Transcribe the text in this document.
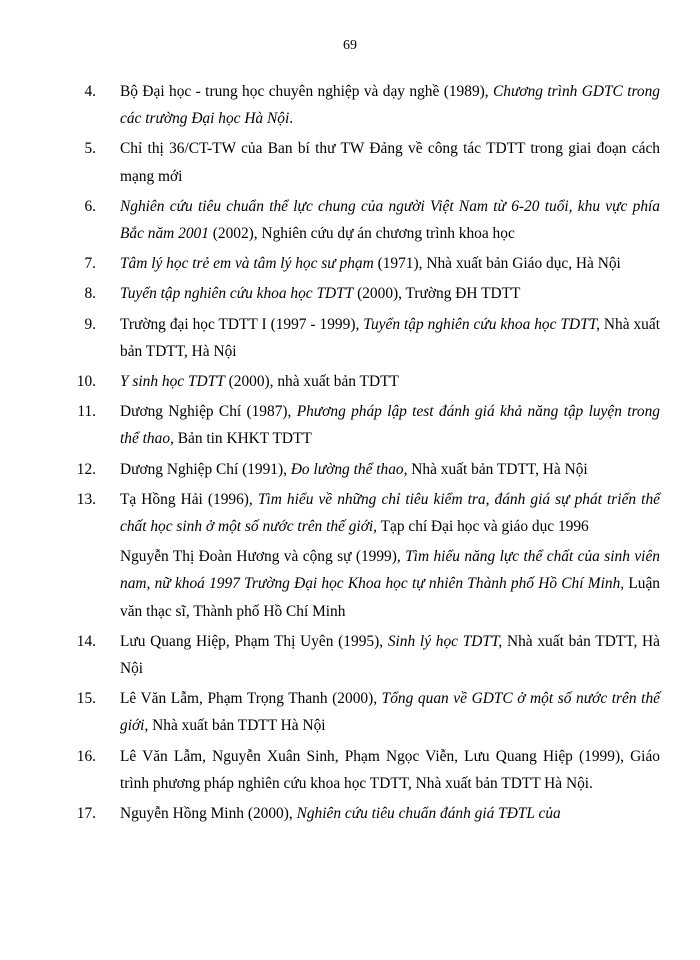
69
4. Bộ Đại học - trung học chuyên nghiệp và dạy nghề (1989), Chương trình GDTC trong các trường Đại học Hà Nội.
5. Chỉ thị 36/CT-TW của Ban bí thư TW Đảng về công tác TDTT trong giai đoạn cách mạng mới
6. Nghiên cứu tiêu chuẩn thể lực chung của người Việt Nam từ 6-20 tuổi, khu vực phía Bắc năm 2001 (2002), Nghiên cứu dự án chương trình khoa học
7. Tâm lý học trẻ em và tâm lý học sư phạm (1971), Nhà xuất bản Giáo dục, Hà Nội
8. Tuyển tập nghiên cứu khoa học TDTT (2000), Trường ĐH TDTT
9. Trường đại học TDTT I (1997 - 1999), Tuyển tập nghiên cứu khoa học TDTT, Nhà xuất bản TDTT, Hà Nội
10. Y sinh học TDTT (2000), nhà xuất bản TDTT
11. Dương Nghiệp Chí (1987), Phương pháp lập test đánh giá khả năng tập luyện trong thể thao, Bản tin KHKT TDTT
12. Dương Nghiệp Chí (1991), Đo lường thể thao, Nhà xuất bản TDTT, Hà Nội
13. Tạ Hồng Hải (1996), Tìm hiểu về những chỉ tiêu kiểm tra, đánh giá sự phát triển thể chất học sinh ở một số nước trên thế giới, Tạp chí Đại học và giáo dục 1996
Nguyễn Thị Đoàn Hương và cộng sự (1999), Tìm hiểu năng lực thể chất của sinh viên nam, nữ khoá 1997 Trường Đại học Khoa học tự nhiên Thành phố Hồ Chí Minh, Luận văn thạc sĩ, Thành phố Hồ Chí Minh
14. Lưu Quang Hiệp, Phạm Thị Uyên (1995), Sinh lý học TDTT, Nhà xuất bản TDTT, Hà Nội
15. Lê Văn Lẫm, Phạm Trọng Thanh (2000), Tổng quan về GDTC ở một số nước trên thế giới, Nhà xuất bản TDTT Hà Nội
16. Lê Văn Lẫm, Nguyễn Xuân Sinh, Phạm Ngọc Viễn, Lưu Quang Hiệp (1999), Giáo trình phương pháp nghiên cứu khoa học TDTT, Nhà xuất bản TDTT Hà Nội.
17. Nguyễn Hồng Minh (2000), Nghiên cứu tiêu chuẩn đánh giá TĐTL của
